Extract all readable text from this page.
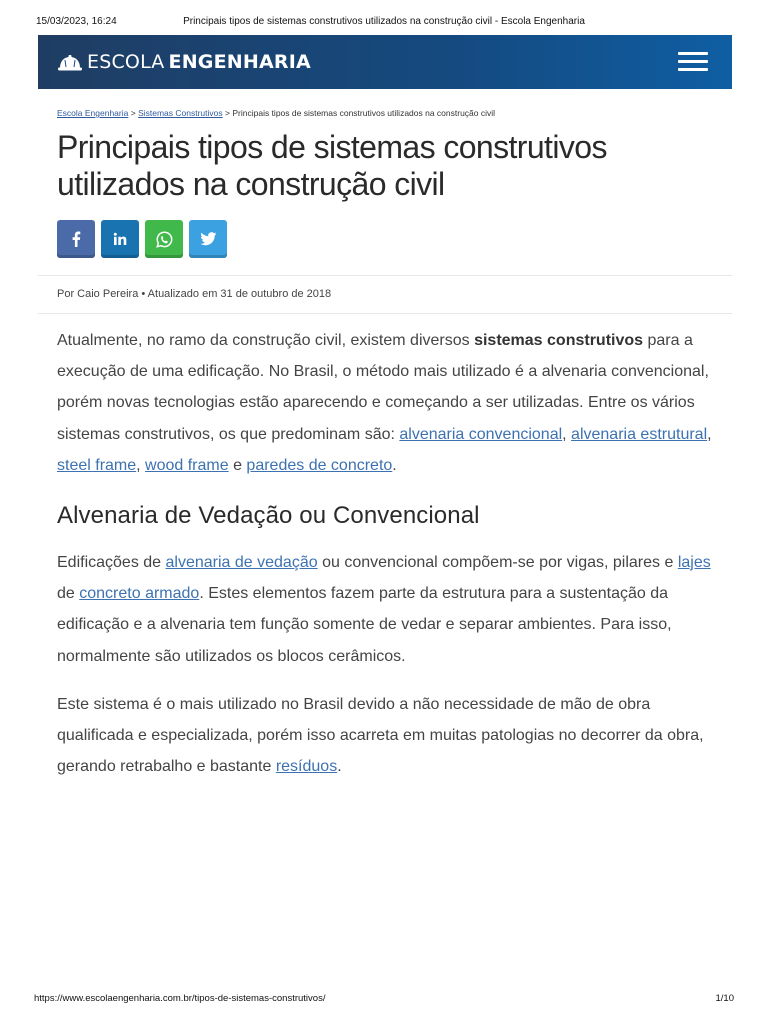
15/03/2023, 16:24	Principais tipos de sistemas construtivos utilizados na construção civil - Escola Engenharia
ESCOLA ENGENHARIA
Escola Engenharia > Sistemas Construtivos > Principais tipos de sistemas construtivos utilizados na construção civil
Principais tipos de sistemas construtivos utilizados na construção civil
Por Caio Pereira • Atualizado em 31 de outubro de 2018

Atualmente, no ramo da construção civil, existem diversos sistemas construtivos para a execução de uma edificação. No Brasil, o método mais utilizado é a alvenaria convencional, porém novas tecnologias estão aparecendo e começando a ser utilizadas. Entre os vários sistemas construtivos, os que predominam são: alvenaria convencional, alvenaria estrutural, steel frame, wood frame e paredes de concreto.

Alvenaria de Vedação ou Convencional

Edificações de alvenaria de vedação ou convencional compõem-se por vigas, pilares e lajes de concreto armado. Estes elementos fazem parte da estrutura para a sustentação da edificação e a alvenaria tem função somente de vedar e separar ambientes. Para isso, normalmente são utilizados os blocos cerâmicos.

Este sistema é o mais utilizado no Brasil devido a não necessidade de mão de obra qualificada e especializada, porém isso acarreta em muitas patologias no decorrer da obra, gerando retrabalho e bastante resíduos.

https://www.escolaengenharia.com.br/tipos-de-sistemas-construtivos/	1/10
